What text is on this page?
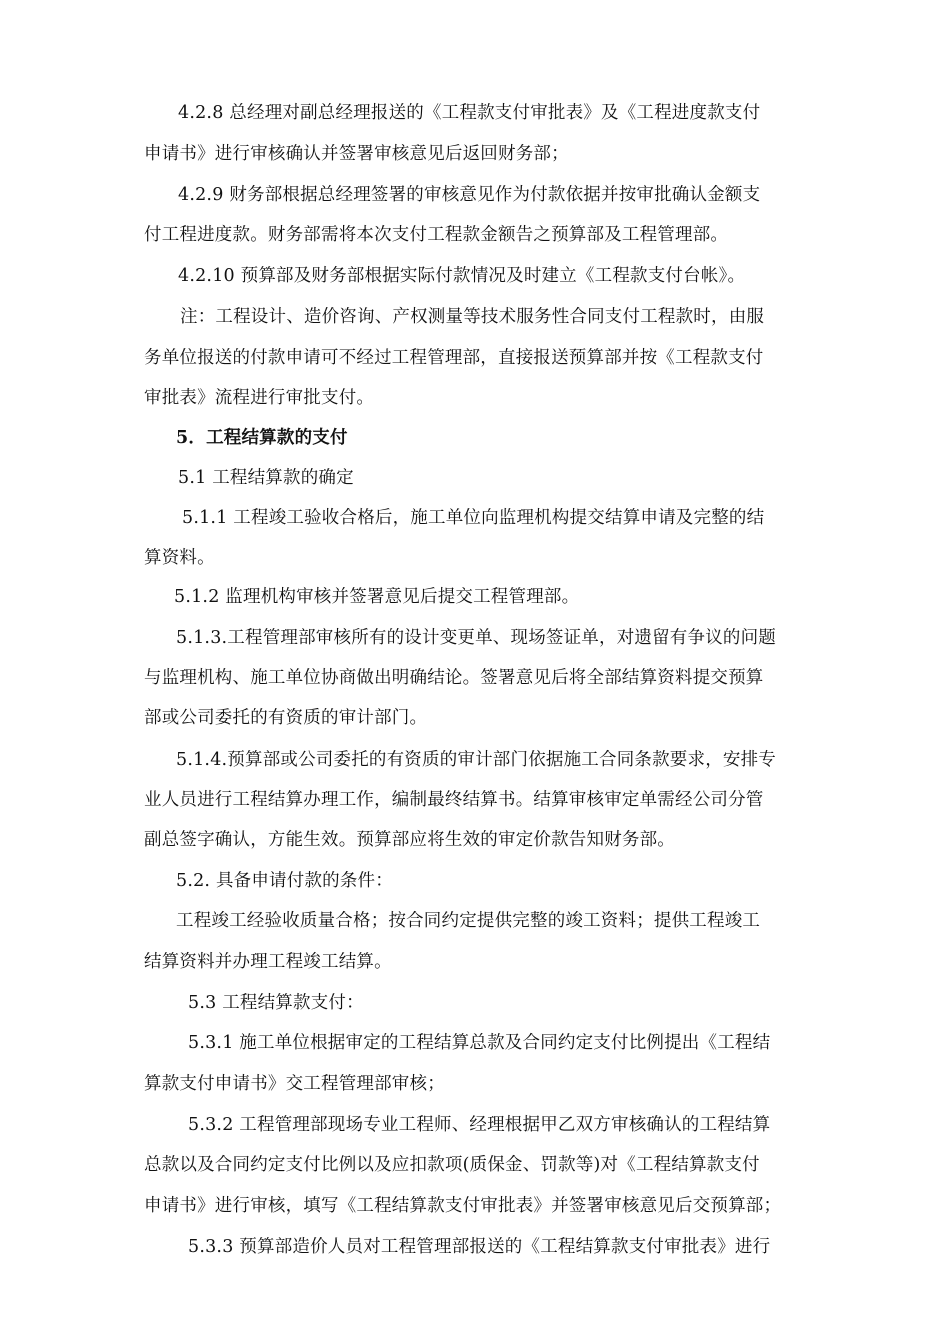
4.2.8 总经理对副总经理报送的《工程款支付审批表》及《工程进度款支付
申请书》进行审核确认并签署审核意见后返回财务部；
4.2.9 财务部根据总经理签署的审核意见作为付款依据并按审批确认金额支
付工程进度款。财务部需将本次支付工程款金额告之预算部及工程管理部。
4.2.10 预算部及财务部根据实际付款情况及时建立《工程款支付台帐》。
注：工程设计、造价咨询、产权测量等技术服务性合同支付工程款时，由服
务单位报送的付款申请可不经过工程管理部，直接报送预算部并按《工程款支付
审批表》流程进行审批支付。
5．工程结算款的支付
5.1 工程结算款的确定
5.1.1 工程竣工验收合格后，施工单位向监理机构提交结算申请及完整的结
算资料。
5.1.2 监理机构审核并签署意见后提交工程管理部。
5.1.3.工程管理部审核所有的设计变更单、现场签证单，对遗留有争议的问题
与监理机构、施工单位协商做出明确结论。签署意见后将全部结算资料提交预算
部或公司委托的有资质的审计部门。
5.1.4.预算部或公司委托的有资质的审计部门依据施工合同条款要求，安排专
业人员进行工程结算办理工作，编制最终结算书。结算审核审定单需经公司分管
副总签字确认，方能生效。预算部应将生效的审定价款告知财务部。
5.2. 具备申请付款的条件：
工程竣工经验收质量合格；按合同约定提供完整的竣工资料；提供工程竣工
结算资料并办理工程竣工结算。
5.3 工程结算款支付：
5.3.1 施工单位根据审定的工程结算总款及合同约定支付比例提出《工程结
算款支付申请书》交工程管理部审核；
5.3.2 工程管理部现场专业工程师、经理根据甲乙双方审核确认的工程结算
总款以及合同约定支付比例以及应扣款项(质保金、罚款等)对《工程结算款支付
申请书》进行审核，填写《工程结算款支付审批表》并签署审核意见后交预算部；
5.3.3 预算部造价人员对工程管理部报送的《工程结算款支付审批表》进行
